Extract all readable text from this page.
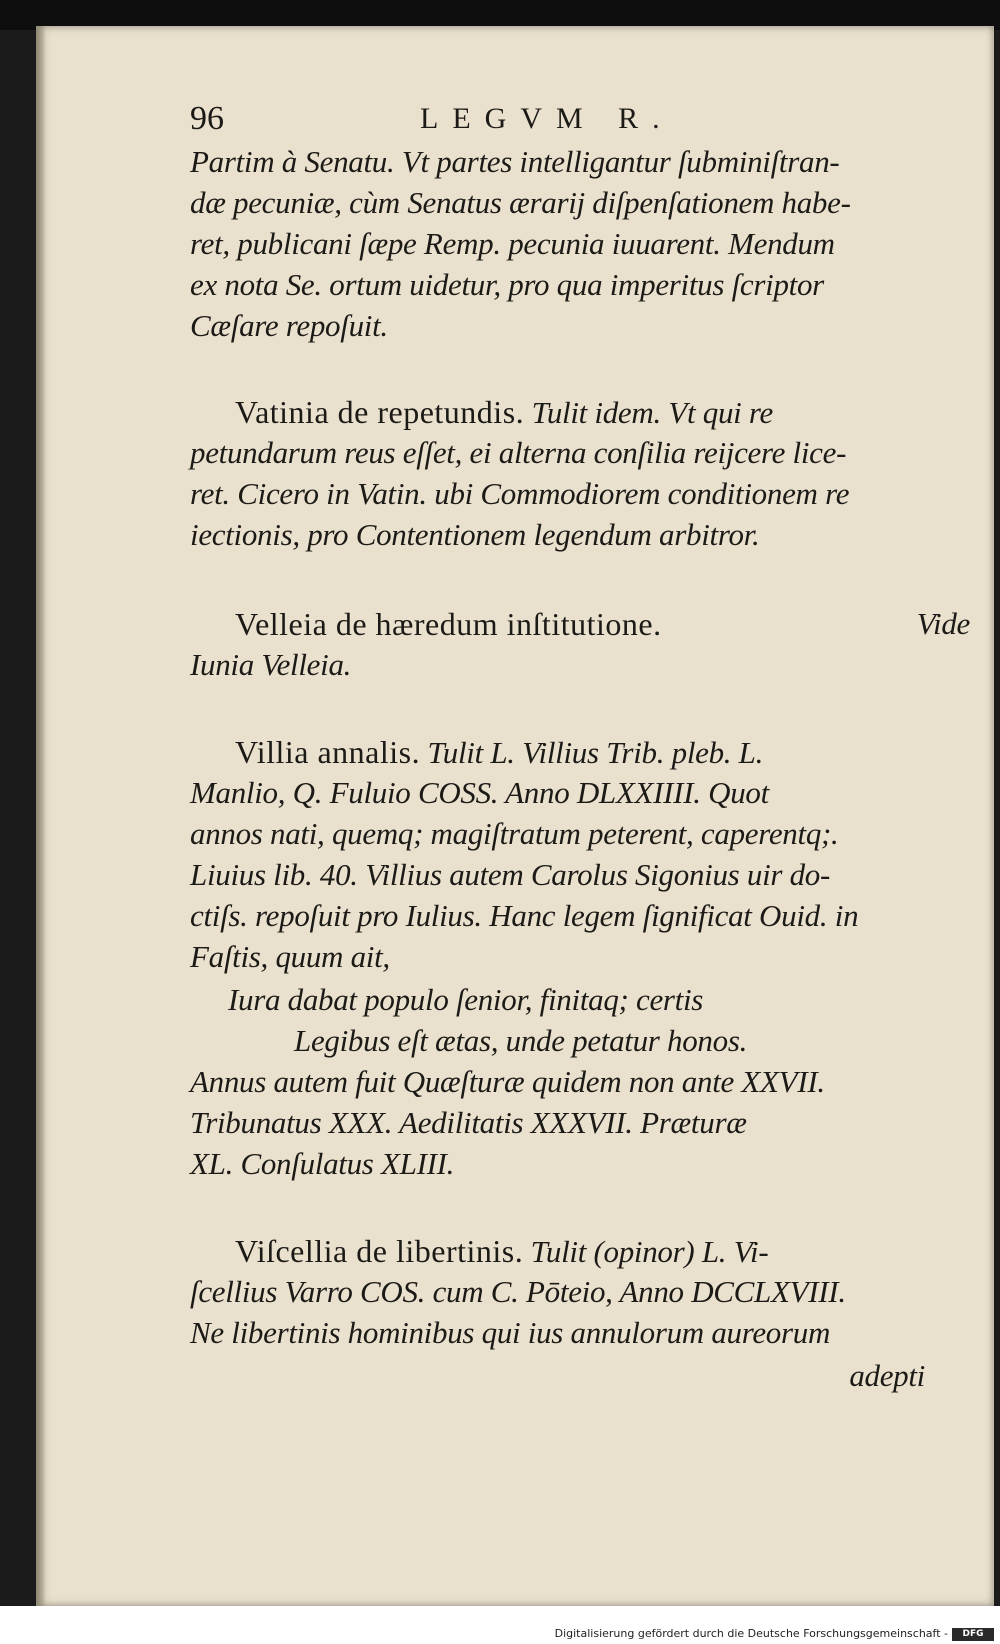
96	LEGVM R.
Partim à Senatu. Vt partes intelligantur ſubminiſtran-
dæ pecuniæ, cùm Senatus ærarij diſpenſationem habe-
ret, publicani ſæpe Remp. pecunia iuuarent. Mendum
ex nota Se. ortum uidetur, pro qua imperitus ſcriptor
Cæſare repoſuit.
Vatinia de repetundis. Tulit idem. Vt qui re
petundarum reus eſſet, ei alterna conſilia reijcere lice-
ret. Cicero in Vatin. ubi Commodiorem conditionem re
iectionis, pro Contentionem legendum arbitror.
Velleia de hæredum inſtitutione.	Vide
Iunia Velleia.
Villia annalis. Tulit L. Villius Trib. pleb. L.
Manlio, Q. Fuluio COSS. Anno DLXXIIII. Quot
annos nati, quemq; magiſtratum peterent, caperentq;.
Liuius lib. 40. Villius autem Carolus Sigonius uir do-
ctiſs. repoſuit pro Iulius. Hanc legem ſignificat Ouid. in
Faſtis, quum ait,
Iura dabat populo ſenior, finitaq; certis
Legibus eſt ætas, unde petatur honos.
Annus autem fuit Quæſturæ quidem non ante XXVII.
Tribunatus XXX. Aedilitatis XXXVII. Præturæ
XL. Conſulatus XLIII.
Viſcellia de libertinis. Tulit (opinor) L. Vi-
ſcellius Varro COS. cum C. Pōteio, Anno DCCLXVIII.
Ne libertinis hominibus qui ius annulorum aureorum
adepti
Digitalisierung gefördert durch die Deutsche Forschungsgemeinschaft -	DFG
